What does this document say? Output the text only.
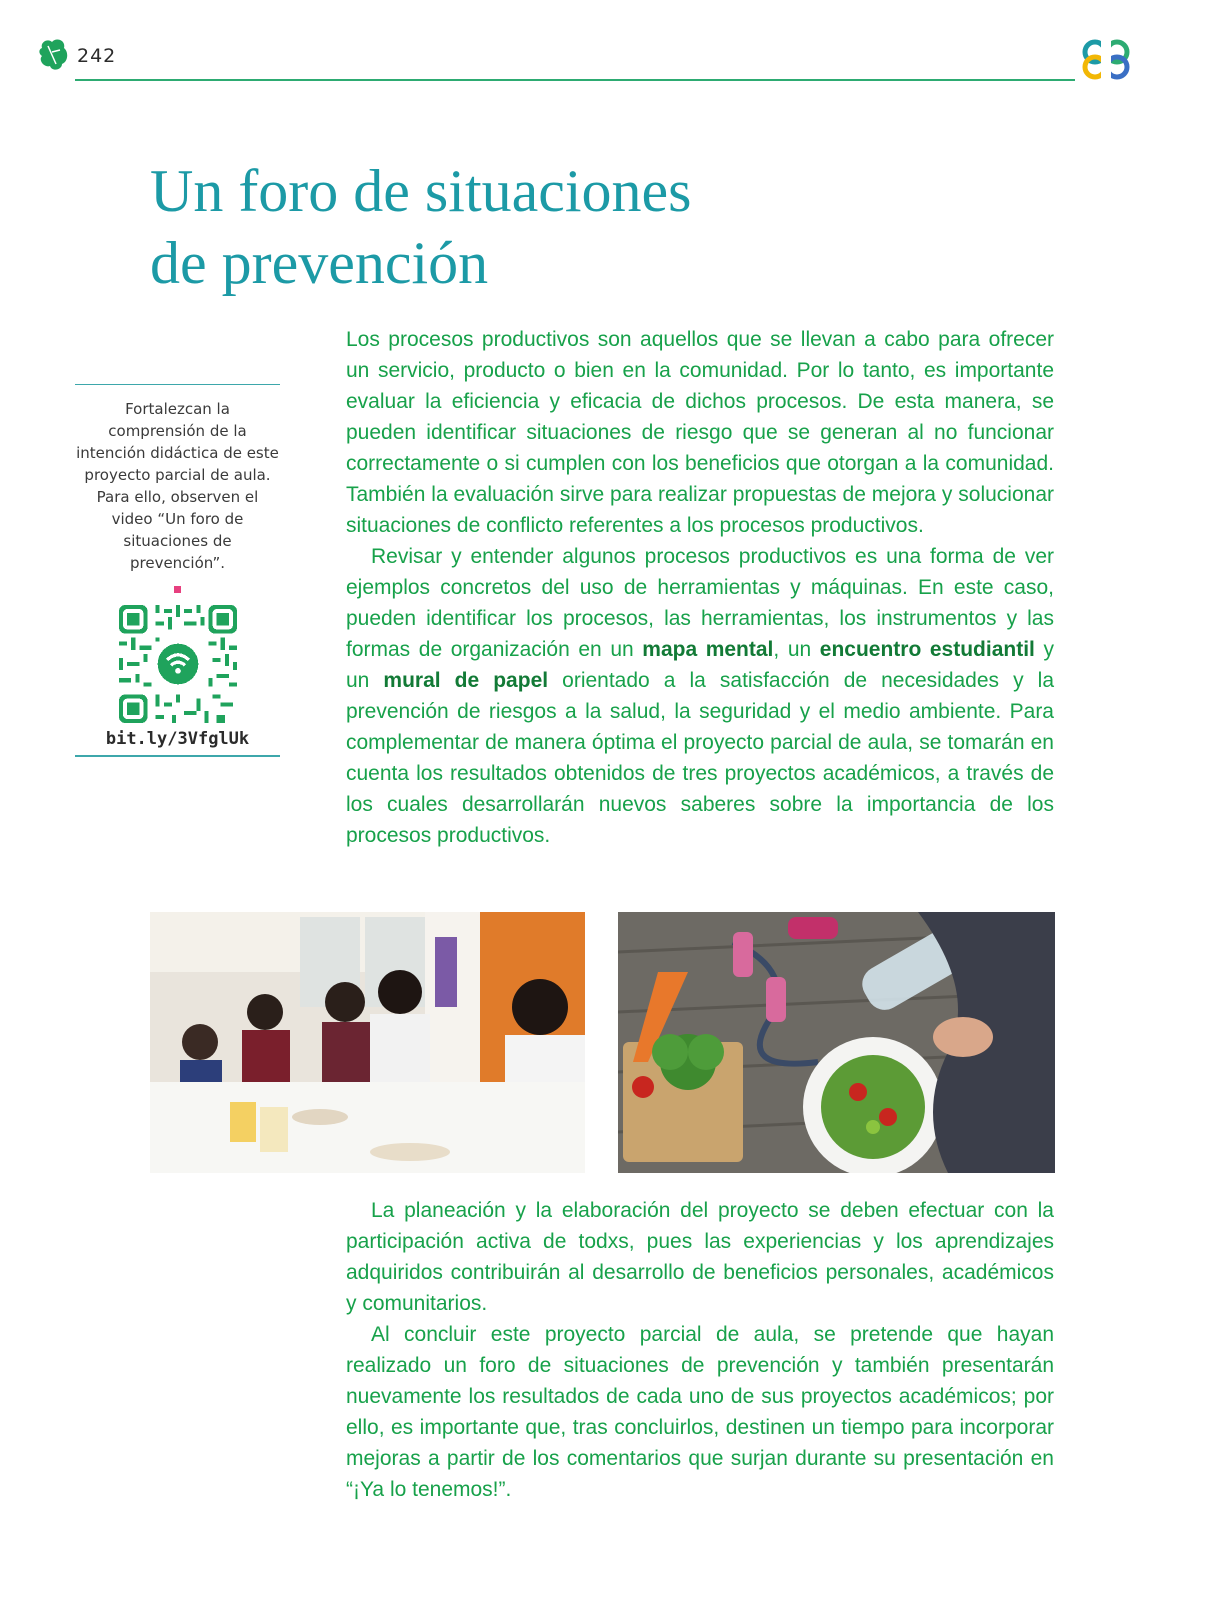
242
Un foro de situaciones
de prevención

Fortalezcan la comprensión de la intención didáctica de este proyecto parcial de aula. Para ello, observen el video “Un foro de situaciones de prevención”.

bit.ly/3VfglUk

Los procesos productivos son aquellos que se llevan a cabo para ofrecer un servicio, producto o bien en la comunidad. Por lo tanto, es importante evaluar la eficiencia y eficacia de dichos procesos. De esta manera, se pueden identificar situaciones de riesgo que se generan al no funcionar correctamente o si cumplen con los beneficios que otorgan a la comunidad. También la evaluación sirve para realizar propuestas de mejora y solucionar situaciones de conflicto referentes a los procesos productivos.

Revisar y entender algunos procesos productivos es una forma de ver ejemplos concretos del uso de herramientas y máquinas. En este caso, pueden identificar los procesos, las herramientas, los instrumentos y las formas de organización en un mapa mental, un encuentro estudiantil y un mural de papel orientado a la satisfacción de necesidades y la prevención de riesgos a la salud, la seguridad y el medio ambiente. Para complementar de manera óptima el proyecto parcial de aula, se tomarán en cuenta los resultados obtenidos de tres proyectos académicos, a través de los cuales desarrollarán nuevos saberes sobre la importancia de los procesos productivos.

La planeación y la elaboración del proyecto se deben efectuar con la participación activa de todxs, pues las experiencias y los aprendizajes adquiridos contribuirán al desarrollo de beneficios personales, académicos y comunitarios.

Al concluir este proyecto parcial de aula, se pretende que hayan realizado un foro de situaciones de prevención y también presentarán nuevamente los resultados de cada uno de sus proyectos académicos; por ello, es importante que, tras concluirlos, destinen un tiempo para incorporar mejoras a partir de los comentarios que surjan durante su presentación en “¡Ya lo tenemos!”.
